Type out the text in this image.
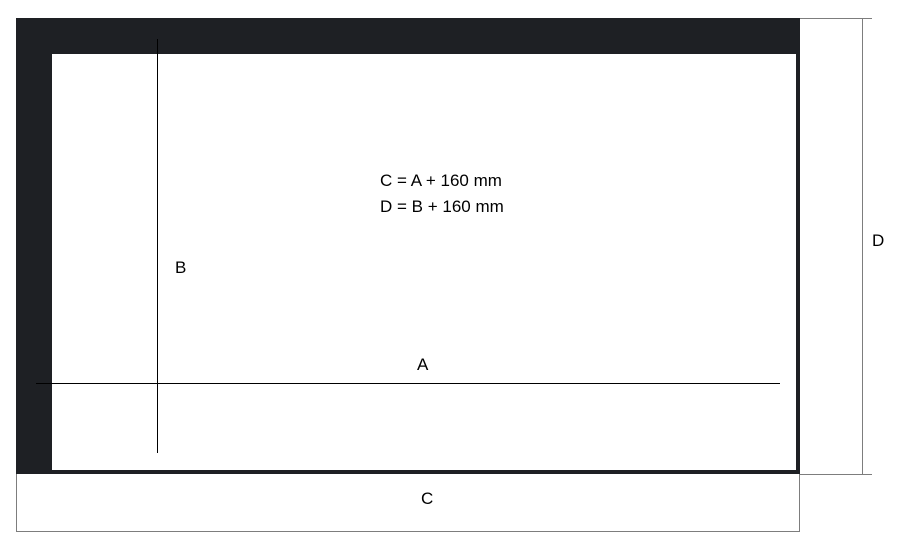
C = A + 160 mm
D = B + 160 mm
B
A
D
C
